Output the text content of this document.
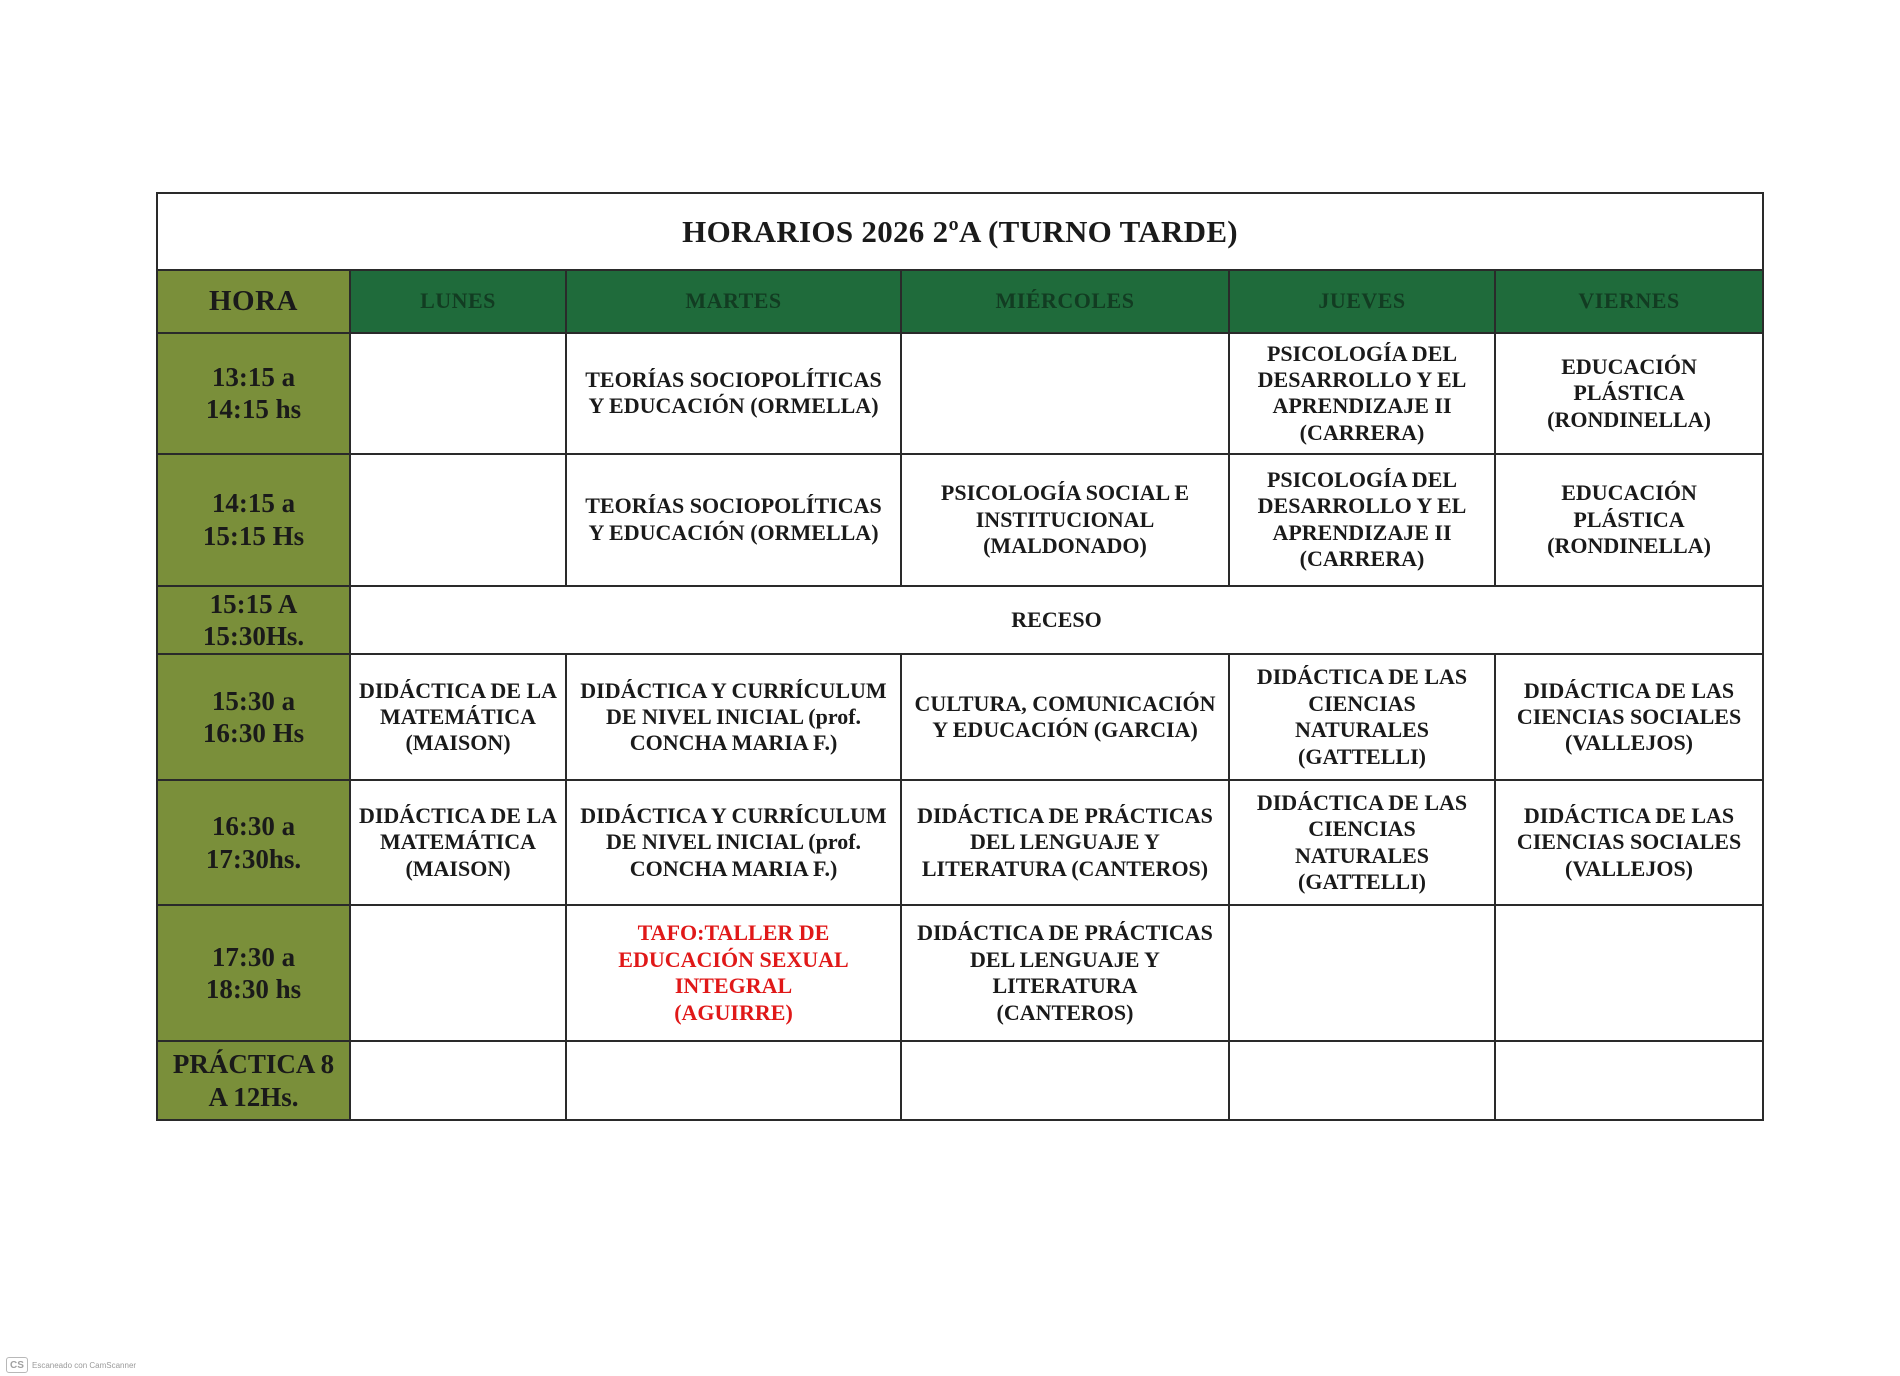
HORARIOS 2026 2ºA (TURNO TARDE)					
HORA	LUNES	MARTES	MIÉRCOLES	JUEVES	VIERNES

13:15 a
14:15 hs		TEORÍAS SOCIOPOLÍTICAS
Y EDUCACIÓN (ORMELLA)		PSICOLOGÍA DEL
DESARROLLO Y EL
APRENDIZAJE II
(CARRERA)	EDUCACIÓN
PLÁSTICA
(RONDINELLA)

14:15 a
15:15 Hs		TEORÍAS SOCIOPOLÍTICAS
Y EDUCACIÓN (ORMELLA)	PSICOLOGÍA SOCIAL E
INSTITUCIONAL
(MALDONADO)	PSICOLOGÍA DEL
DESARROLLO Y EL
APRENDIZAJE II
(CARRERA)	EDUCACIÓN
PLÁSTICA
(RONDINELLA)

15:15 A
15:30Hs.	RECESO				

15:30 a
16:30 Hs	DIDÁCTICA DE LA
MATEMÁTICA
(MAISON)	DIDÁCTICA Y CURRÍCULUM
DE NIVEL INICIAL (prof.
CONCHA MARIA F.)	CULTURA, COMUNICACIÓN
Y EDUCACIÓN (GARCIA)	DIDÁCTICA DE LAS
CIENCIAS
NATURALES
(GATTELLI)	DIDÁCTICA DE LAS
CIENCIAS SOCIALES
(VALLEJOS)

16:30 a
17:30hs.	DIDÁCTICA DE LA
MATEMÁTICA
(MAISON)	DIDÁCTICA Y CURRÍCULUM
DE NIVEL INICIAL (prof.
CONCHA MARIA F.)	DIDÁCTICA DE PRÁCTICAS
DEL LENGUAJE Y
LITERATURA (CANTEROS)	DIDÁCTICA DE LAS
CIENCIAS
NATURALES
(GATTELLI)	DIDÁCTICA DE LAS
CIENCIAS SOCIALES
(VALLEJOS)

17:30 a
18:30 hs		TAFO:TALLER DE
EDUCACIÓN SEXUAL
INTEGRAL
(AGUIRRE)	DIDÁCTICA DE PRÁCTICAS
DEL LENGUAJE Y
LITERATURA
(CANTEROS)		

PRÁCTICA 8
A 12Hs.					

CS	Escaneado con CamScanner
